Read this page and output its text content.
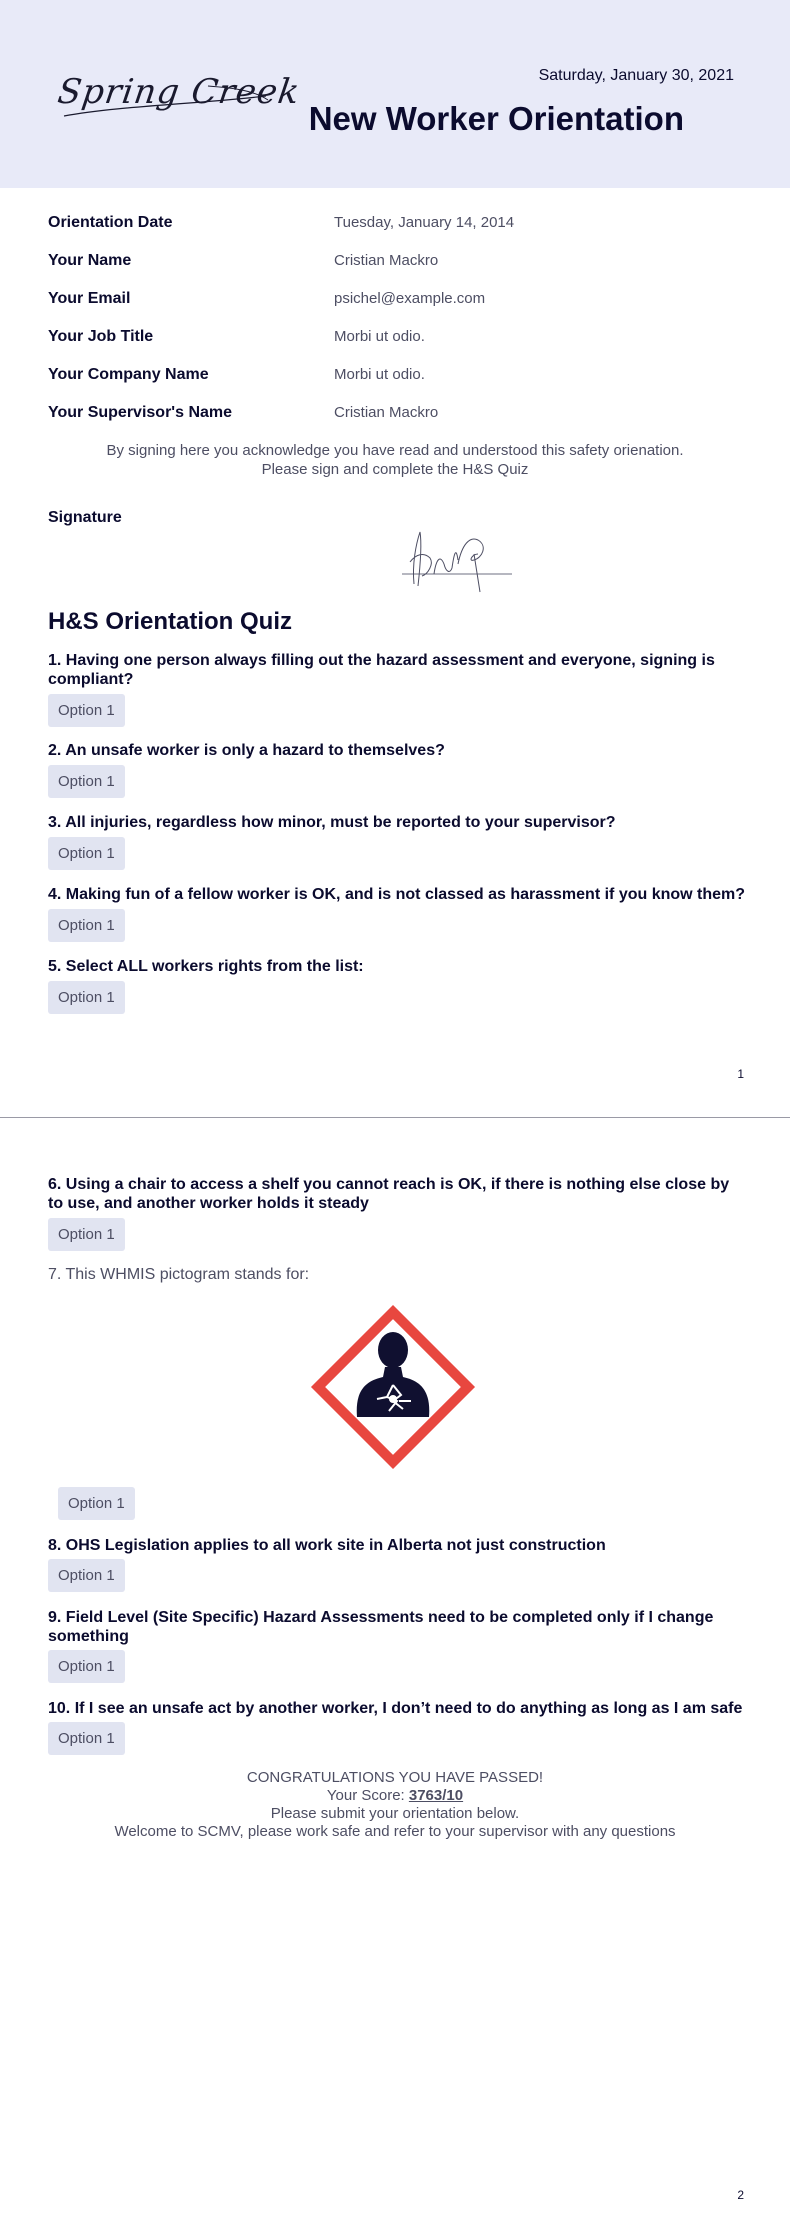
Spring Creek	Saturday, January 30, 2021
New Worker Orientation
Orientation Date	Tuesday, January 14, 2014
Your Name	Cristian Mackro
Your Email	psichel@example.com
Your Job Title	Morbi ut odio.
Your Company Name	Morbi ut odio.
Your Supervisor's Name	Cristian Mackro
By signing here you acknowledge you have read and understood this safety orienation.
Please sign and complete the H&S Quiz
Signature
H&S Orientation Quiz
1. Having one person always filling out the hazard assessment and everyone, signing is compliant?
Option 1
2. An unsafe worker is only a hazard to themselves?
Option 1
3. All injuries, regardless how minor, must be reported to your supervisor?
Option 1
4. Making fun of a fellow worker is OK, and is not classed as harassment if you know them?
Option 1
5. Select ALL workers rights from the list:
Option 1
1
6. Using a chair to access a shelf you cannot reach is OK, if there is nothing else close by to use, and another worker holds it steady
Option 1
7. This WHMIS pictogram stands for:
Option 1
8. OHS Legislation applies to all work site in Alberta not just construction
Option 1
9. Field Level (Site Specific) Hazard Assessments need to be completed only if I change something
Option 1
10. If I see an unsafe act by another worker, I don’t need to do anything as long as I am safe
Option 1
CONGRATULATIONS YOU HAVE PASSED!
Your Score: 3763/10
Please submit your orientation below.
Welcome to SCMV, please work safe and refer to your supervisor with any questions
2
